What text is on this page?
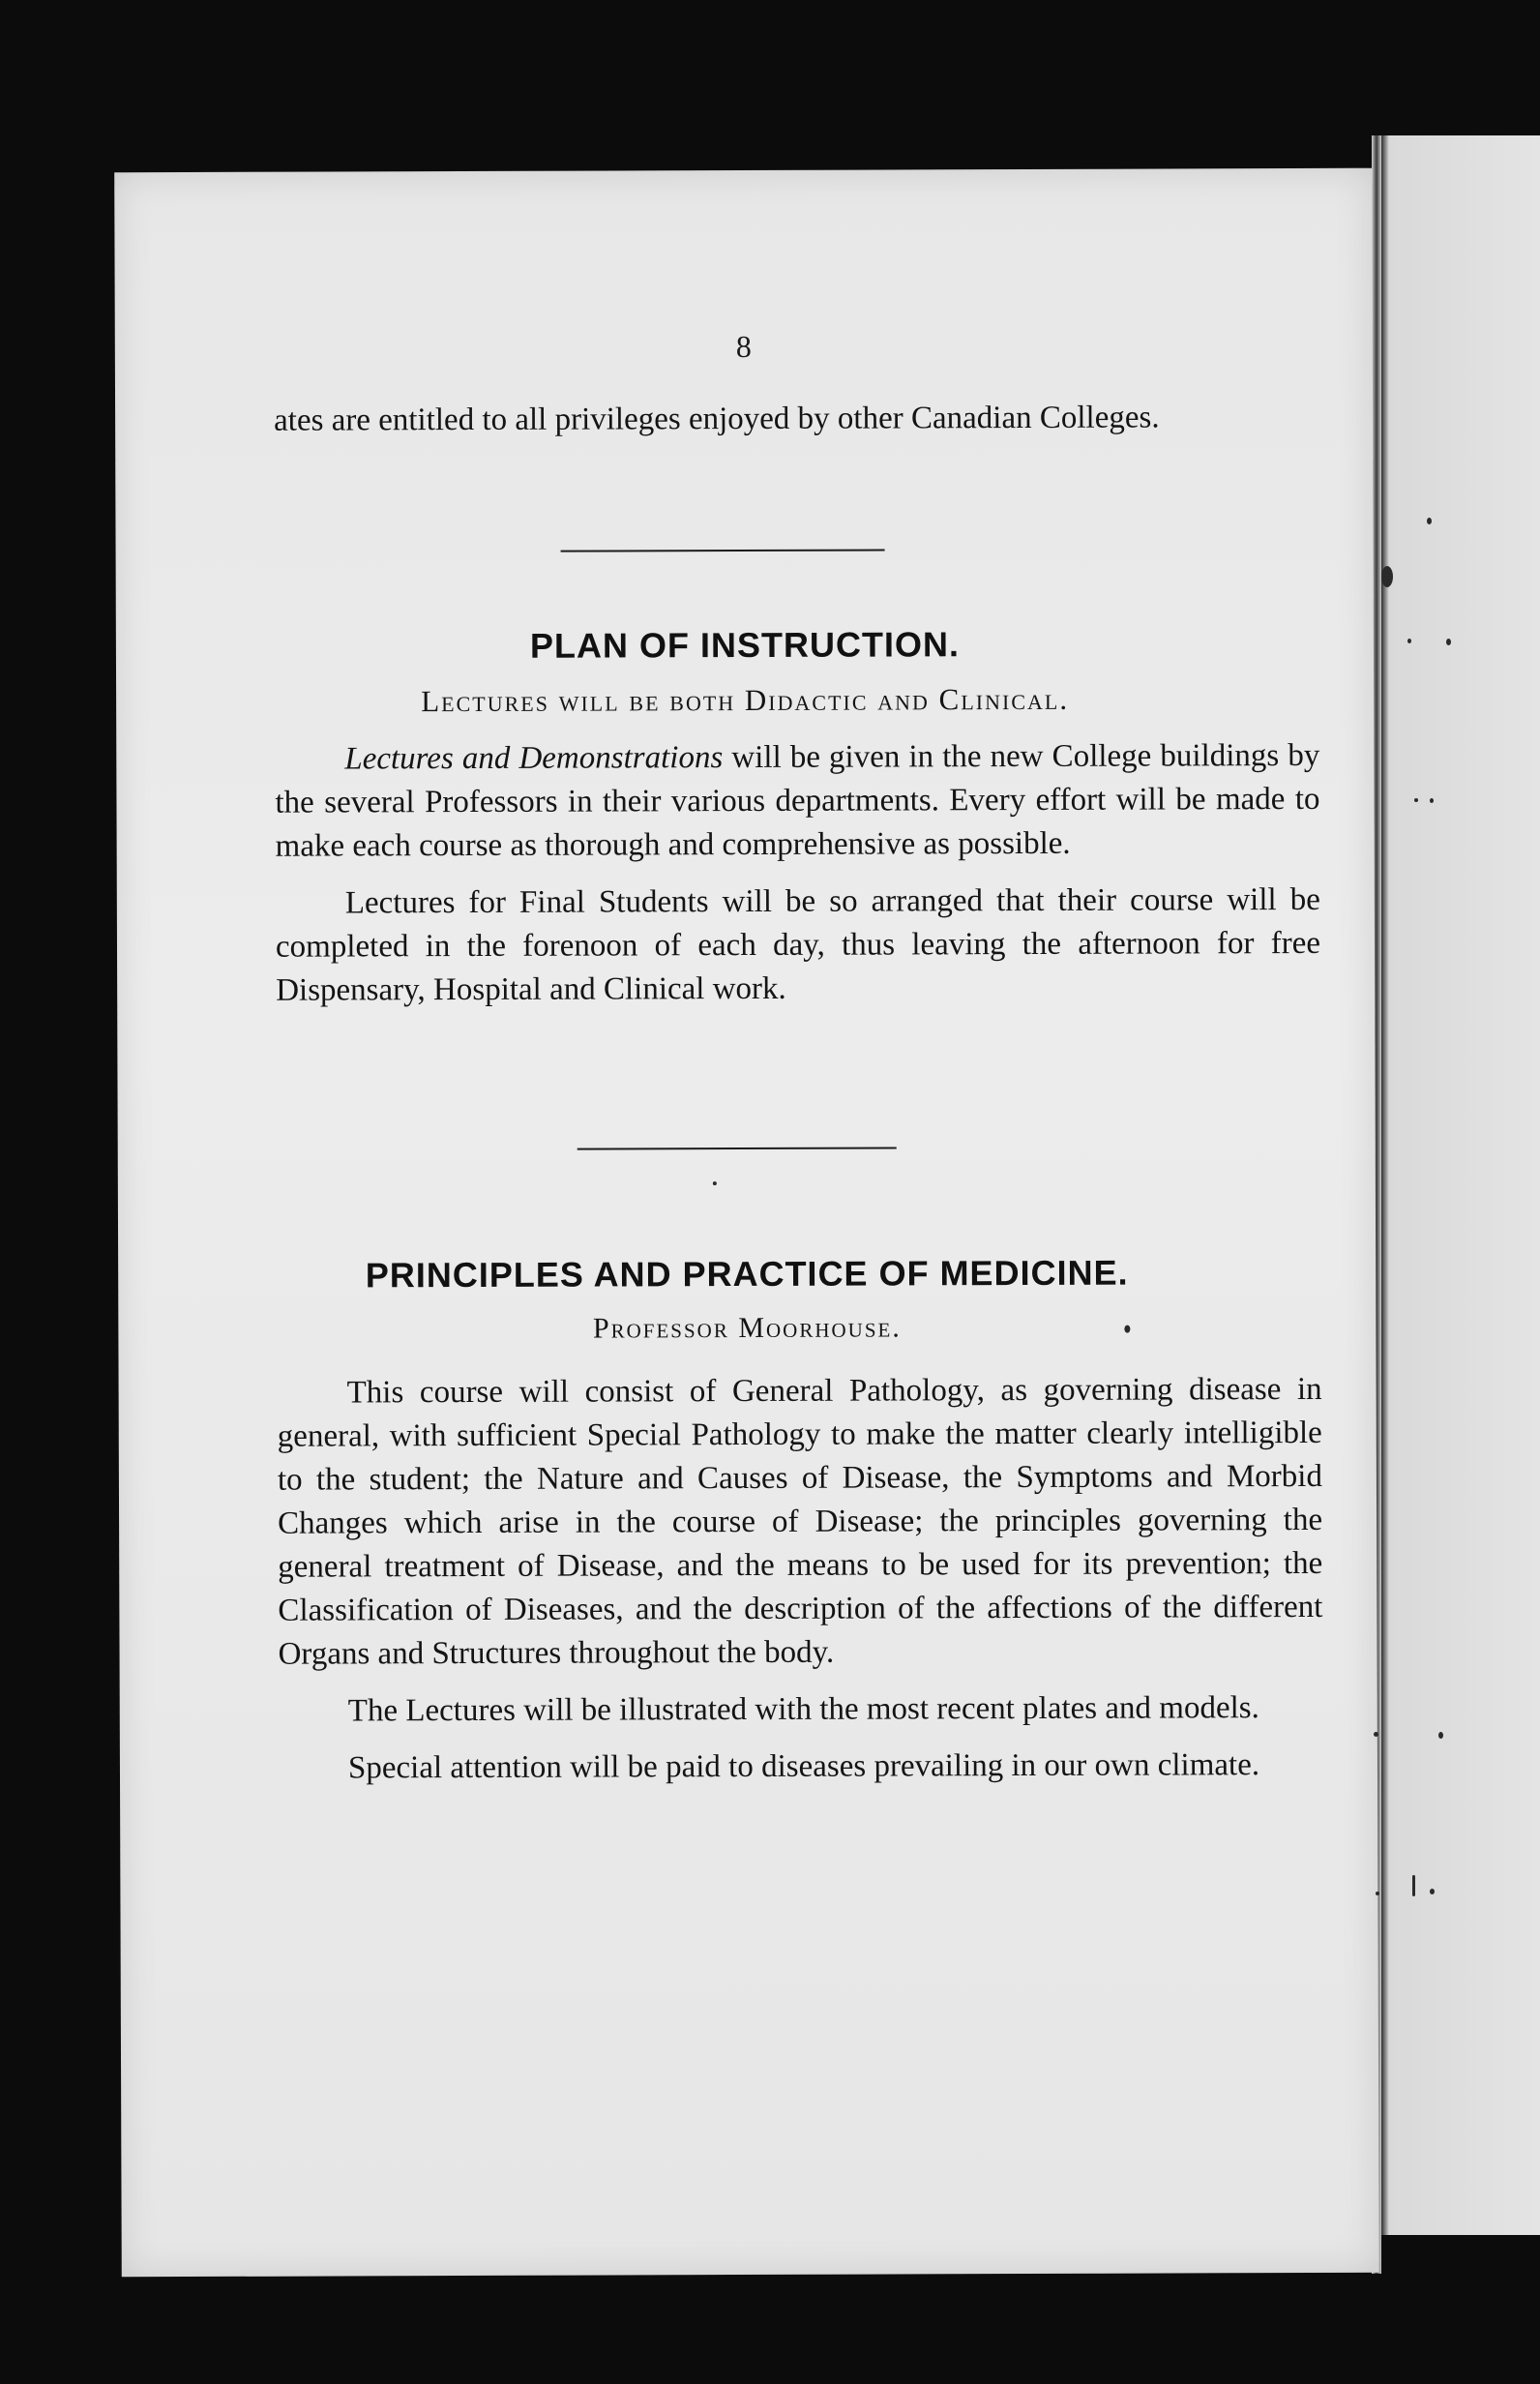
8

ates are entitled to all privileges enjoyed by other Canadian Colleges.

PLAN OF INSTRUCTION.
Lectures will be both Didactic and Clinical.

Lectures and Demonstrations will be given in the new College buildings by the several Professors in their various departments. Every effort will be made to make each course as thorough and comprehensive as possible.

Lectures for Final Students will be so arranged that their course will be completed in the forenoon of each day, thus leaving the afternoon for free Dispensary, Hospital and Clinical work.

PRINCIPLES AND PRACTICE OF MEDICINE.
Professor Moorhouse.

This course will consist of General Pathology, as governing disease in general, with sufficient Special Pathology to make the matter clearly intelligible to the student; the Nature and Causes of Disease, the Symptoms and Morbid Changes which arise in the course of Disease; the principles governing the general treatment of Disease, and the means to be used for its prevention; the Classification of Diseases, and the description of the affections of the different Organs and Structures throughout the body.

The Lectures will be illustrated with the most recent plates and models.

Special attention will be paid to diseases prevailing in our own climate.
